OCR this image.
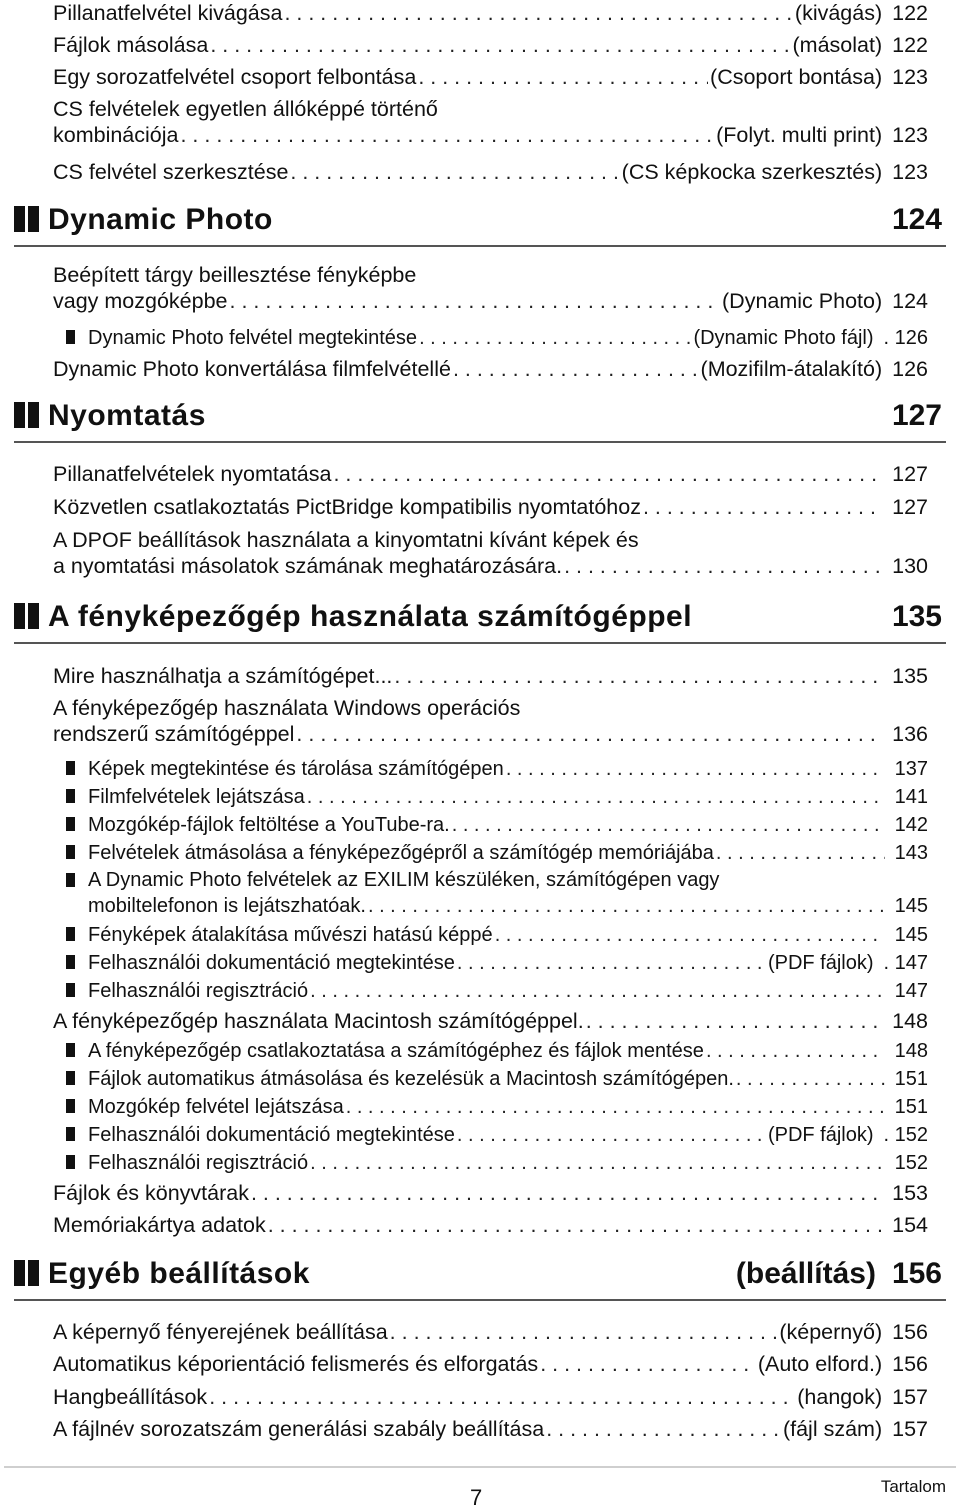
Pillanatfelvétel kivágása . . .	(kivágás) 122
Fájlok másolása . . .	(másolat) 122
Egy sorozatfelvétel csoport felbontása . . .	(Csoport bontása) 123
CS felvételek egyetlen állóképpé történő
kombinációja . . .	(Folyt. multi print) 123
CS felvétel szerkesztése . . .	(CS képkocka szerkesztés) 123
Dynamic Photo	124
Beépített tárgy beillesztése fényképbe
vagy mozgóképbe . . .	(Dynamic Photo) 124
Dynamic Photo felvétel megtekintése . . .	(Dynamic Photo fájl) . 126
Dynamic Photo konvertálása filmfelvétellé . . .	(Mozifilm-átalakító) 126
Nyomtatás	127
Pillanatfelvételek nyomtatása . . .	127
Közvetlen csatlakoztatás PictBridge kompatibilis nyomtatóhoz . . .	127
A DPOF beállítások használata a kinyomtatni kívánt képek és
a nyomtatási másolatok számának meghatározására. . . .	130
A fényképezőgép használata számítógéppel	135
Mire használhatja a számítógépet... . . .	135
A fényképezőgép használata Windows operációs
rendszerű számítógéppel . . .	136
Képek megtekintése és tárolása számítógépen . . .	137
Filmfelvételek lejátszása . . .	141
Mozgókép-fájlok feltöltése a YouTube-ra. . . .	142
Felvételek átmásolása a fényképezőgépről a számítógép memóriájába . . .	143
A Dynamic Photo felvételek az EXILIM készüléken, számítógépen vagy
mobiltelefonon is lejátszhatóak. . . .	145
Fényképek átalakítása művészi hatású képpé . . .	145
Felhasználói dokumentáció megtekintése . . .	(PDF fájlok) . 147
Felhasználói regisztráció . . .	147
A fényképezőgép használata Macintosh számítógéppel. . . .	148
A fényképezőgép csatlakoztatása a számítógéphez és fájlok mentése . . .	148
Fájlok automatikus átmásolása és kezelésük a Macintosh számítógépen. . . .	151
Mozgókép felvétel lejátszása . . .	151
Felhasználói dokumentáció megtekintése . . .	(PDF fájlok) . 152
Felhasználói regisztráció . . .	152
Fájlok és könyvtárak . . .	153
Memóriakártya adatok . . .	154
Egyéb beállítások	(beállítás) 156
A képernyő fényerejének beállítása . . .	(képernyő) 156
Automatikus képorientáció felismerés és elforgatás . . .	(Auto elford.) 156
Hangbeállítások . . .	(hangok) 157
A fájlnév sorozatszám generálási szabály beállítása . . .	(fájl szám) 157
7	Tartalom
